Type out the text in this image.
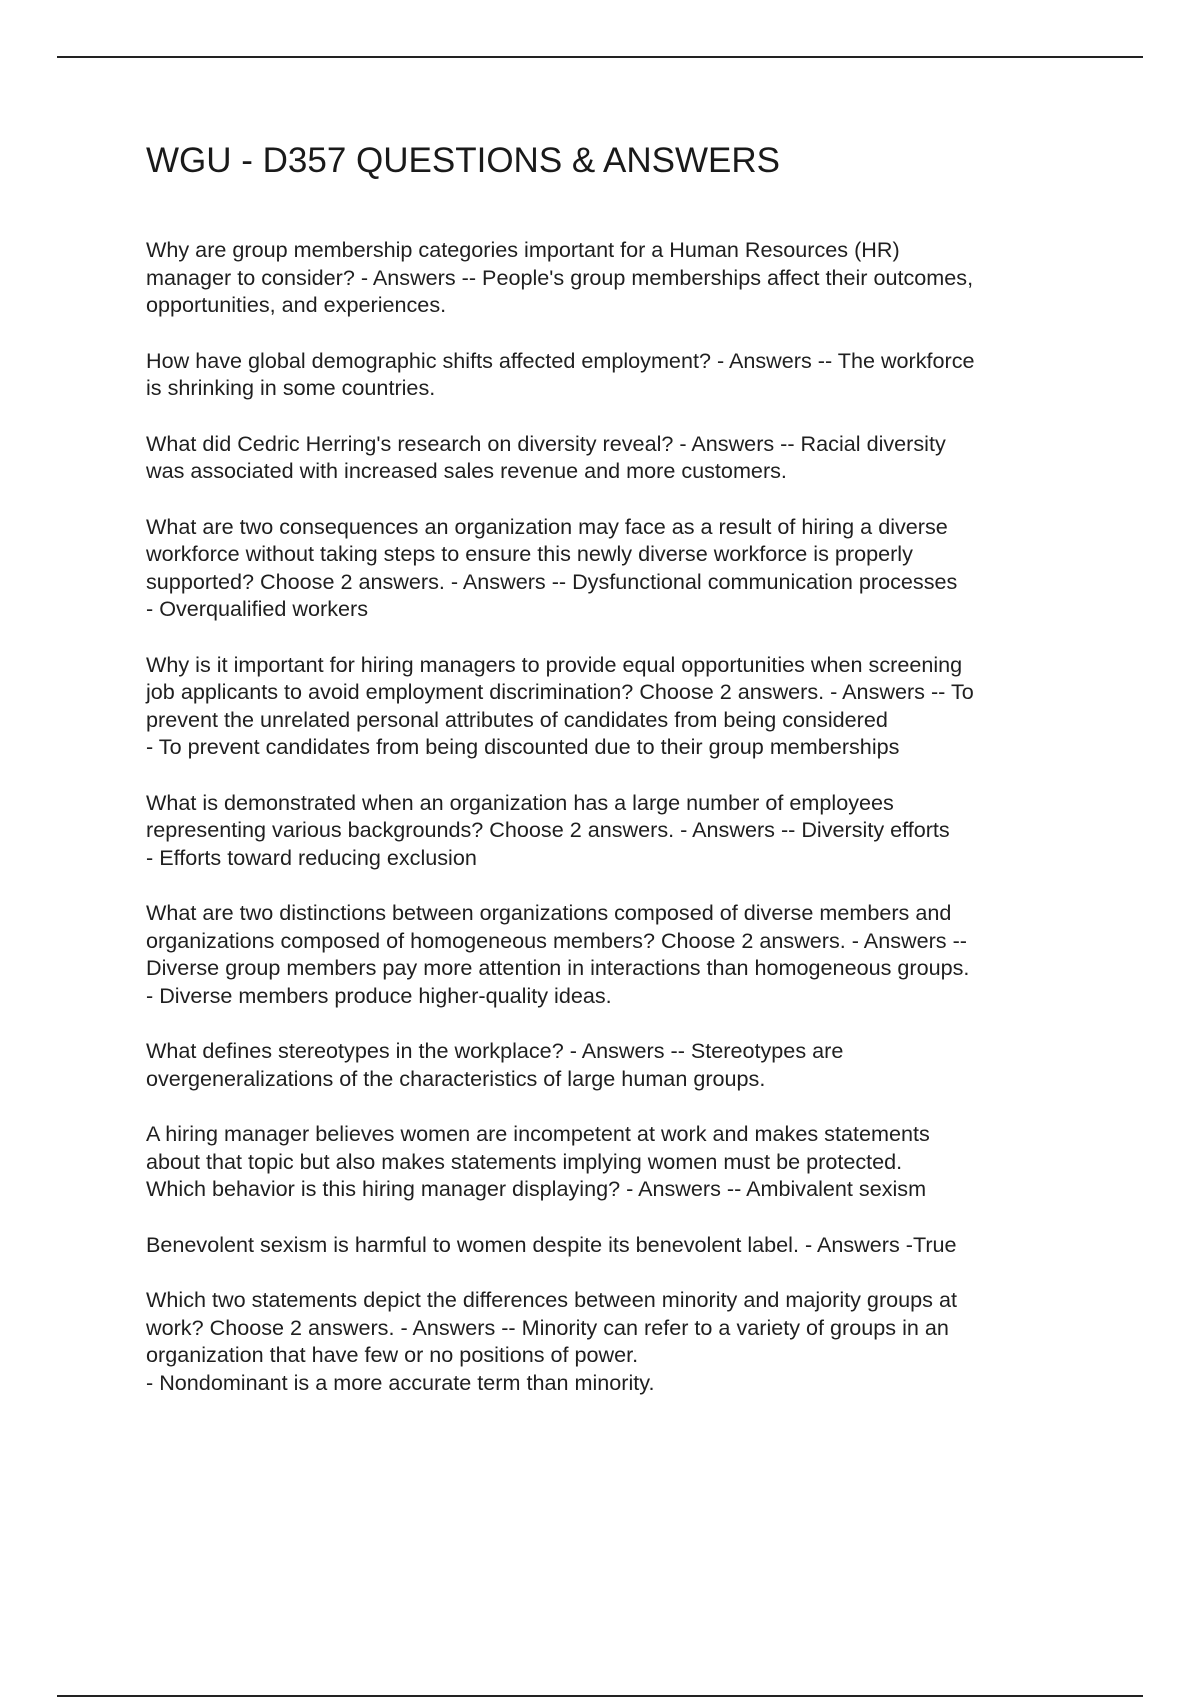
WGU - D357 QUESTIONS & ANSWERS

Why are group membership categories important for a Human Resources (HR)
manager to consider? - Answers -- People's group memberships affect their outcomes,
opportunities, and experiences.

How have global demographic shifts affected employment? - Answers -- The workforce
is shrinking in some countries.

What did Cedric Herring's research on diversity reveal? - Answers -- Racial diversity
was associated with increased sales revenue and more customers.

What are two consequences an organization may face as a result of hiring a diverse
workforce without taking steps to ensure this newly diverse workforce is properly
supported? Choose 2 answers. - Answers -- Dysfunctional communication processes
- Overqualified workers

Why is it important for hiring managers to provide equal opportunities when screening
job applicants to avoid employment discrimination? Choose 2 answers. - Answers -- To
prevent the unrelated personal attributes of candidates from being considered
- To prevent candidates from being discounted due to their group memberships

What is demonstrated when an organization has a large number of employees
representing various backgrounds? Choose 2 answers. - Answers -- Diversity efforts
- Efforts toward reducing exclusion

What are two distinctions between organizations composed of diverse members and
organizations composed of homogeneous members? Choose 2 answers. - Answers --
Diverse group members pay more attention in interactions than homogeneous groups.
- Diverse members produce higher-quality ideas.

What defines stereotypes in the workplace? - Answers -- Stereotypes are
overgeneralizations of the characteristics of large human groups.

A hiring manager believes women are incompetent at work and makes statements
about that topic but also makes statements implying women must be protected.
Which behavior is this hiring manager displaying? - Answers -- Ambivalent sexism

Benevolent sexism is harmful to women despite its benevolent label. - Answers -True

Which two statements depict the differences between minority and majority groups at
work? Choose 2 answers. - Answers -- Minority can refer to a variety of groups in an
organization that have few or no positions of power.
- Nondominant is a more accurate term than minority.
